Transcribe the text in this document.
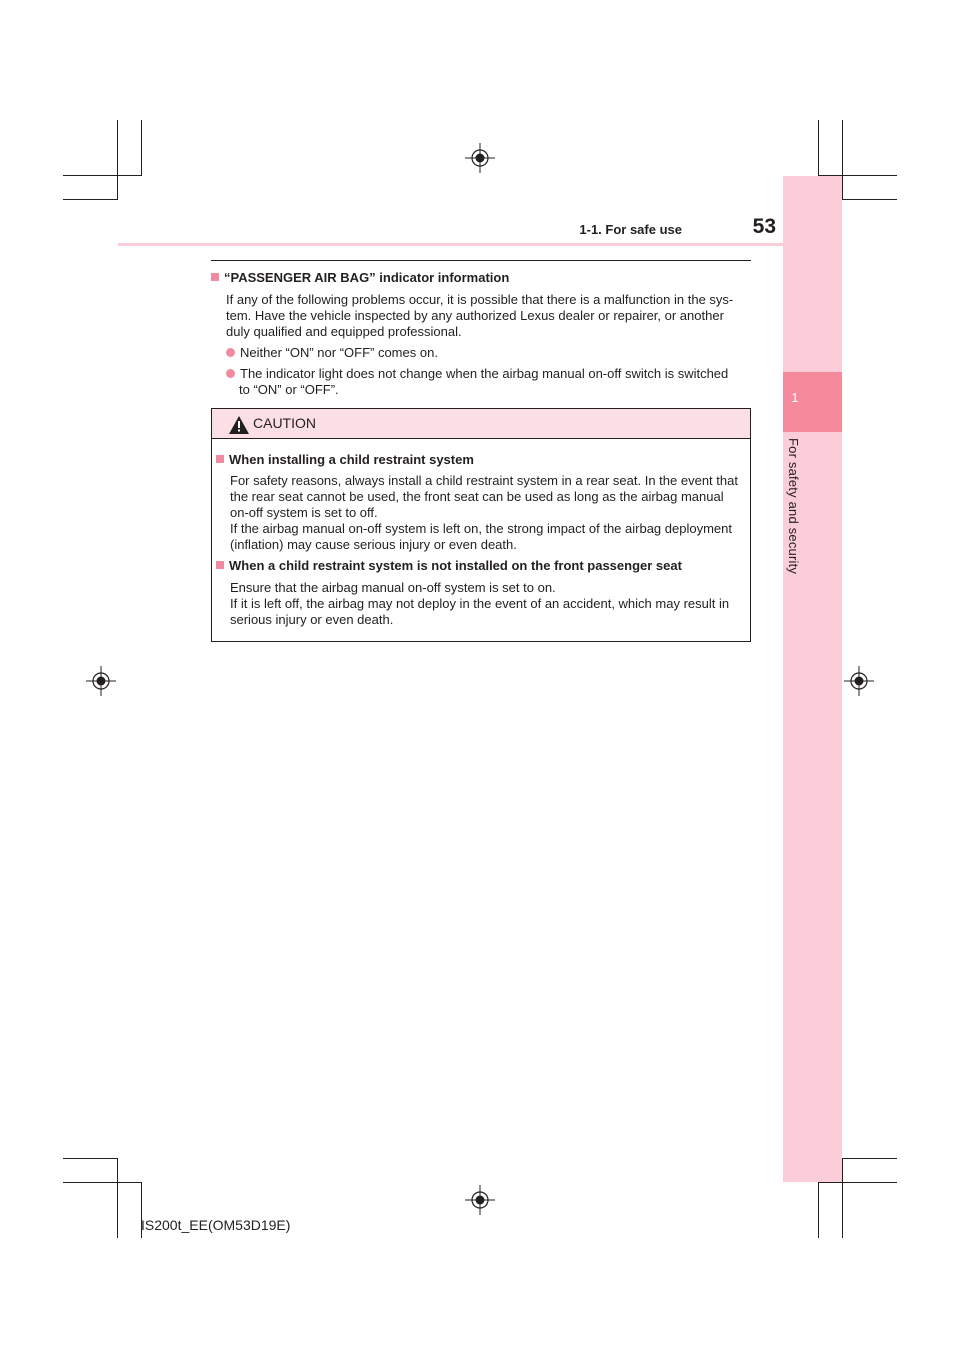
1
For safety and security
1-1. For safe use	53
“PASSENGER AIR BAG” indicator information
If any of the following problems occur, it is possible that there is a malfunction in the sys-
tem. Have the vehicle inspected by any authorized Lexus dealer or repairer, or another
duly qualified and equipped professional.
Neither “ON” nor “OFF” comes on.
The indicator light does not change when the airbag manual on-off switch is switched
to “ON” or “OFF”.
CAUTION
When installing a child restraint system
For safety reasons, always install a child restraint system in a rear seat. In the event that
the rear seat cannot be used, the front seat can be used as long as the airbag manual
on-off system is set to off.
If the airbag manual on-off system is left on, the strong impact of the airbag deployment
(inflation) may cause serious injury or even death.
When a child restraint system is not installed on the front passenger seat
Ensure that the airbag manual on-off system is set to on.
If it is left off, the airbag may not deploy in the event of an accident, which may result in
serious injury or even death.
IS200t_EE(OM53D19E)
